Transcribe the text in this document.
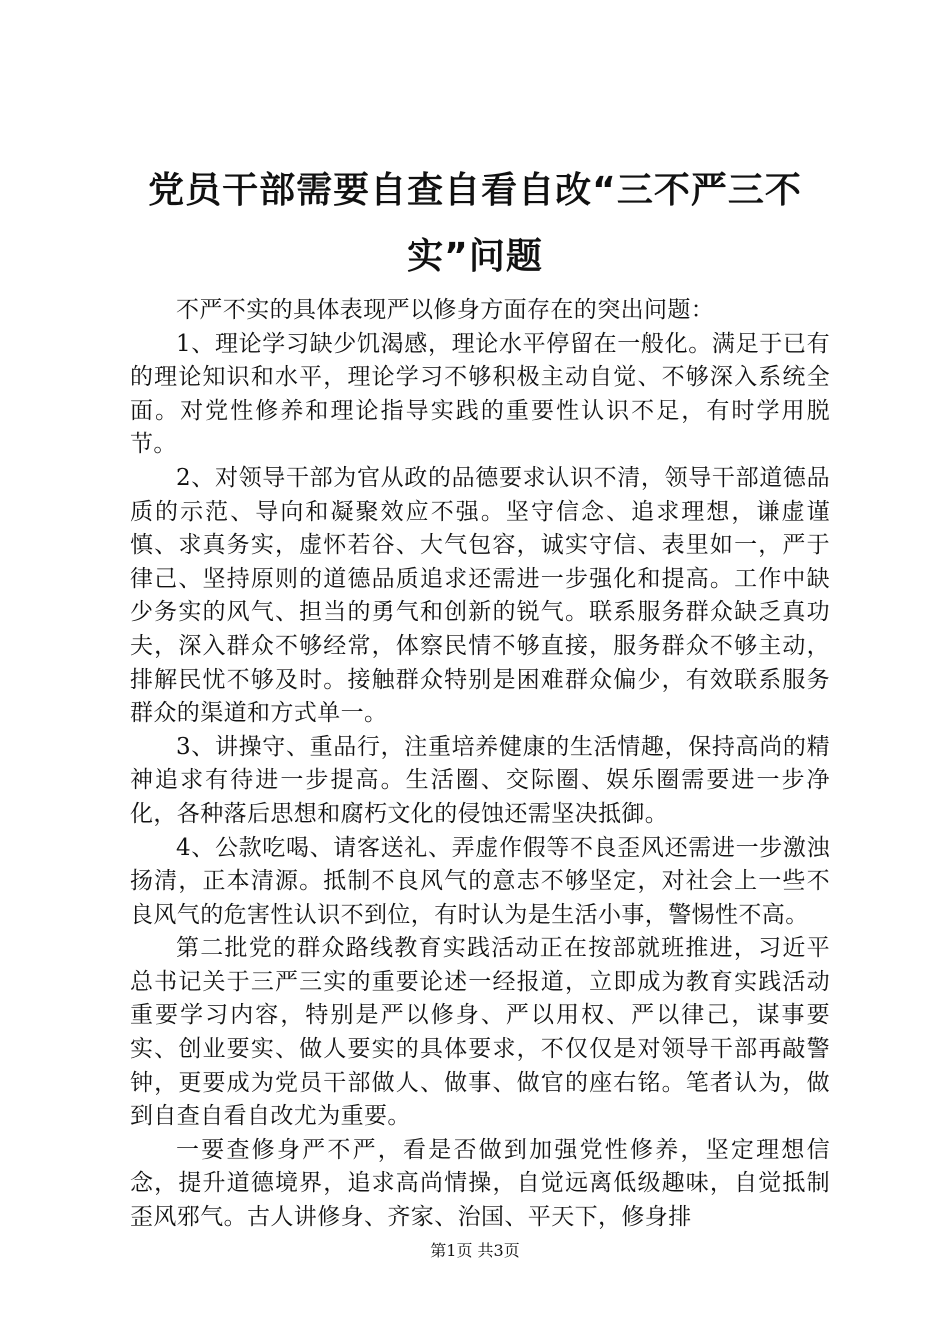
党员干部需要自查自看自改“三不严三不实”问题

不严不实的具体表现严以修身方面存在的突出问题：

1、理论学习缺少饥渴感，理论水平停留在一般化。满足于已有的理论知识和水平，理论学习不够积极主动自觉、不够深入系统全面。对党性修养和理论指导实践的重要性认识不足，有时学用脱节。

2、对领导干部为官从政的品德要求认识不清，领导干部道德品质的示范、导向和凝聚效应不强。坚守信念、追求理想，谦虚谨慎、求真务实，虚怀若谷、大气包容，诚实守信、表里如一，严于律己、坚持原则的道德品质追求还需进一步强化和提高。工作中缺少务实的风气、担当的勇气和创新的锐气。联系服务群众缺乏真功夫，深入群众不够经常，体察民情不够直接，服务群众不够主动，排解民忧不够及时。接触群众特别是困难群众偏少，有效联系服务群众的渠道和方式单一。

3、讲操守、重品行，注重培养健康的生活情趣，保持高尚的精神追求有待进一步提高。生活圈、交际圈、娱乐圈需要进一步净化，各种落后思想和腐朽文化的侵蚀还需坚决抵御。

4、公款吃喝、请客送礼、弄虚作假等不良歪风还需进一步激浊扬清，正本清源。抵制不良风气的意志不够坚定，对社会上一些不良风气的危害性认识不到位，有时认为是生活小事，警惕性不高。

第二批党的群众路线教育实践活动正在按部就班推进，习近平总书记关于三严三实的重要论述一经报道，立即成为教育实践活动重要学习内容，特别是严以修身、严以用权、严以律己，谋事要实、创业要实、做人要实的具体要求，不仅仅是对领导干部再敲警钟，更要成为党员干部做人、做事、做官的座右铭。笔者认为，做到自查自看自改尤为重要。

一要查修身严不严，看是否做到加强党性修养，坚定理想信念，提升道德境界，追求高尚情操，自觉远离低级趣味，自觉抵制歪风邪气。古人讲修身、齐家、治国、平天下，修身排

第1页 共3页
